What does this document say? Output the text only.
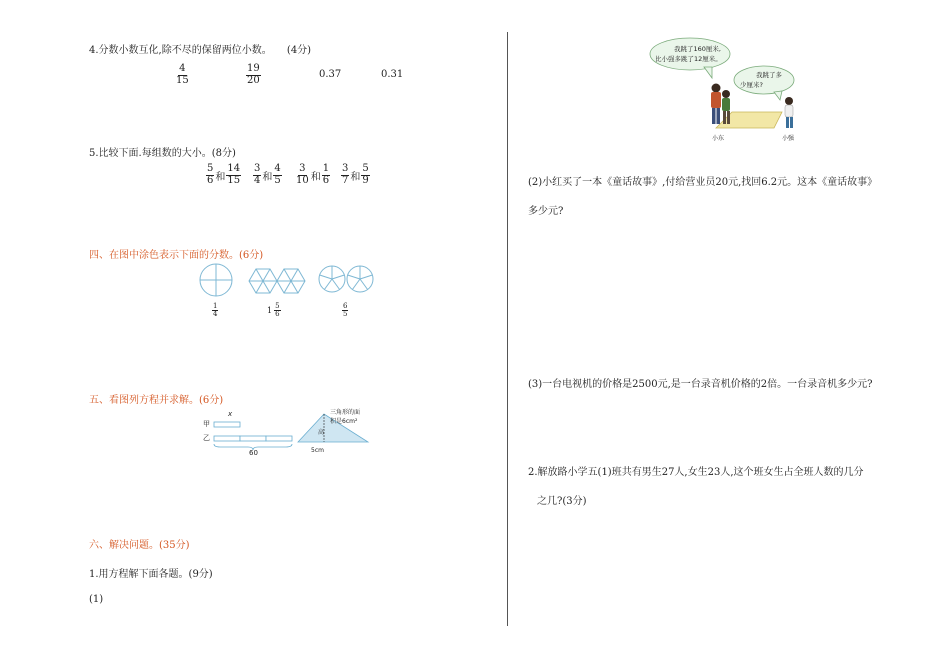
4.分数小数互化,除不尽的保留两位小数。 (4分)
$\frac{4}{15}$	$\frac{19}{20}$	0.37	0.31
5.比较下面.每组数的大小。(8分)
$\frac{5}{6}$ 和 $\frac{14}{15} \frac{3}{4}$ 和 $\frac{4}{5} \frac{3}{10}$ 和 $\frac{1}{6} \frac{3}{7}$ 和 $\frac{5}{9}$
四、在图中涂色表示下面的分数。(6分)
$\frac{1}{4}$	$1 \frac{5}{6}$	$\frac{6}{5}$
五、看图列方程并求解。(6分)
x
甲
乙
60
高
三角形的面
积是6cm²
5cm
六、解决问题。(35分)
1.用方程解下面各题。(9分)
(1)
我跳了160厘米,
比小强多跳了12厘米。
我跳了多
少厘米?
小东	小强
(2)小红买了一本《童话故事》,付给营业员20元,找回6.2元。这本《童话故事》
多少元?
(3)一台电视机的价格是2500元,是一台录音机价格的2倍。一台录音机多少元?
2.解放路小学五(1)班共有男生27人,女生23人,这个班女生占全班人数的几分
之几?(3分)
